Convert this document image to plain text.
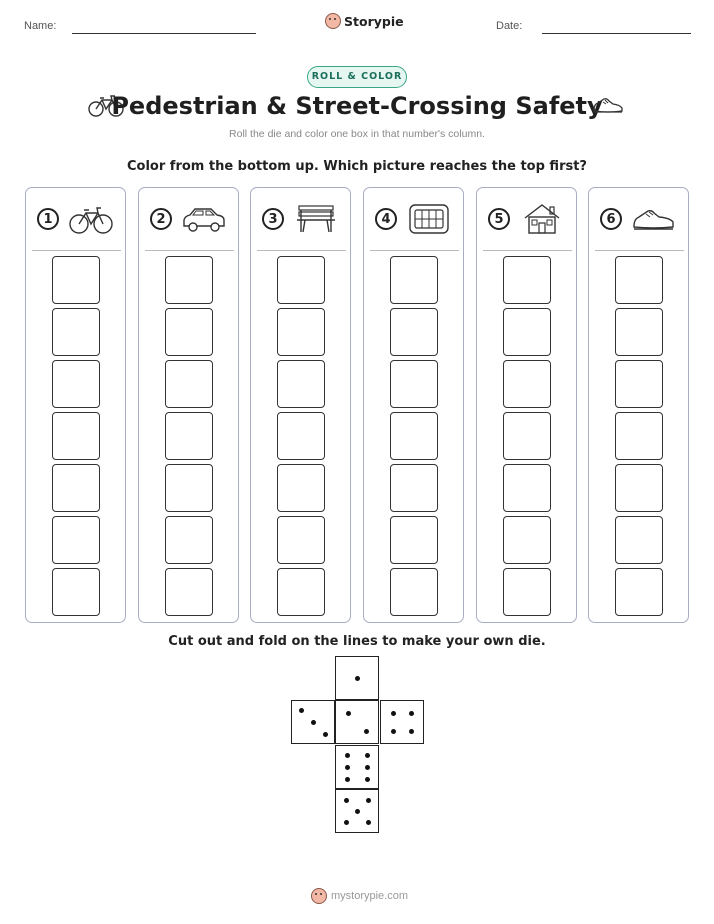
Name:	Storypie	Date:
ROLL & COLOR
Pedestrian & Street-Crossing Safety
Roll the die and color one box in that number's column.
Color from the bottom up. Which picture reaches the top first?
1	2	3	4	5	6
Cut out and fold on the lines to make your own die.
mystorypie.com
